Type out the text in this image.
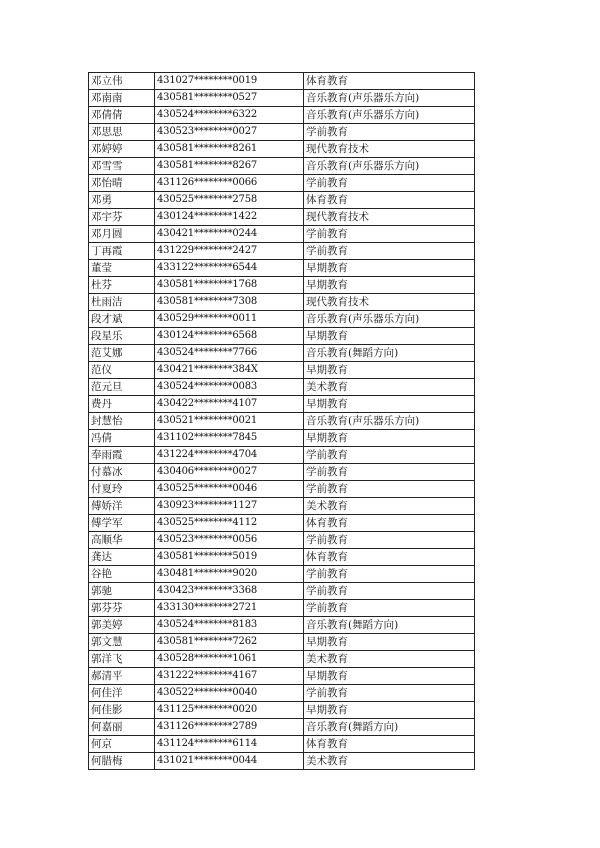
邓立伟	431027********0019	体育教育
邓南南	430581********0527	音乐教育(声乐器乐方向)
邓倩倩	430524********6322	音乐教育(声乐器乐方向)
邓思思	430523********0027	学前教育
邓婷婷	430581********8261	现代教育技术
邓雪雪	430581********8267	音乐教育(声乐器乐方向)
邓怡晴	431126********0066	学前教育
邓勇	430525********2758	体育教育
邓宇芬	430124********1422	现代教育技术
邓月圆	430421********0244	学前教育
丁再霞	431229********2427	学前教育
董莹	433122********6544	早期教育
杜芬	430581********1768	早期教育
杜雨洁	430581********7308	现代教育技术
段才斌	430529********0011	音乐教育(声乐器乐方向)
段星乐	430124********6568	早期教育
范艾娜	430524********7766	音乐教育(舞蹈方向)
范仪	430421********384X	早期教育
范元旦	430524********0083	美术教育
费丹	430422********4107	早期教育
封慧怡	430521********0021	音乐教育(声乐器乐方向)
冯倩	431102********7845	早期教育
奉雨霞	431224********4704	学前教育
付慕冰	430406********0027	学前教育
付夏玲	430525********0046	学前教育
傅娇洋	430923********1127	美术教育
傅学军	430525********4112	体育教育
高顺华	430523********0056	学前教育
龚达	430581********5019	体育教育
谷艳	430481********9020	学前教育
郭驰	430423********3368	学前教育
郭芬芬	433130********2721	学前教育
郭美婷	430524********8183	音乐教育(舞蹈方向)
郭文慧	430581********7262	早期教育
郭洋飞	430528********1061	美术教育
郝清平	431222********4167	早期教育
何佳洋	430522********0040	学前教育
何佳影	431125********0020	早期教育
何嘉丽	431126********2789	音乐教育(舞蹈方向)
何京	431124********6114	体育教育
何腊梅	431021********0044	美术教育
